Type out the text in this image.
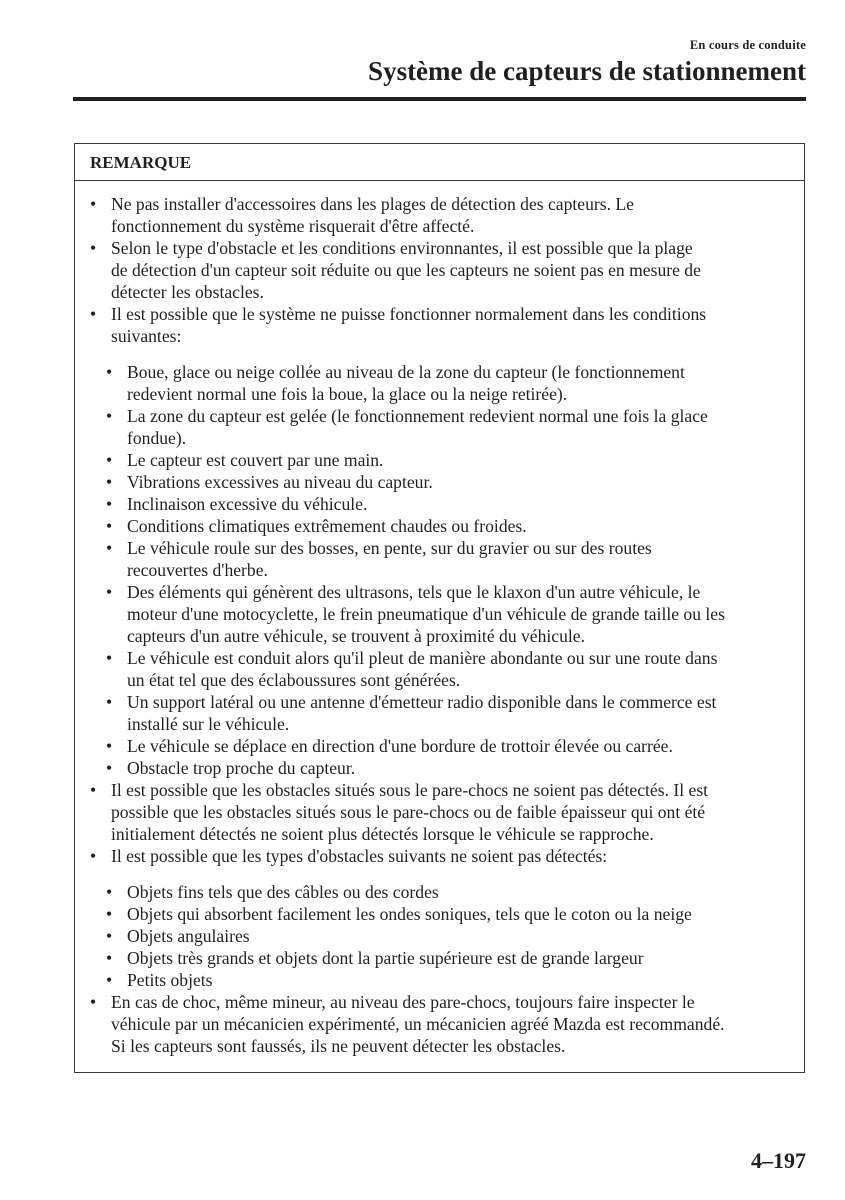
En cours de conduite
Système de capteurs de stationnement
REMARQUE
• Ne pas installer d'accessoires dans les plages de détection des capteurs. Le
fonctionnement du système risquerait d'être affecté.
• Selon le type d'obstacle et les conditions environnantes, il est possible que la plage
de détection d'un capteur soit réduite ou que les capteurs ne soient pas en mesure de
détecter les obstacles.
• Il est possible que le système ne puisse fonctionner normalement dans les conditions
suivantes:
• Boue, glace ou neige collée au niveau de la zone du capteur (le fonctionnement
redevient normal une fois la boue, la glace ou la neige retirée).
• La zone du capteur est gelée (le fonctionnement redevient normal une fois la glace
fondue).
• Le capteur est couvert par une main.
• Vibrations excessives au niveau du capteur.
• Inclinaison excessive du véhicule.
• Conditions climatiques extrêmement chaudes ou froides.
• Le véhicule roule sur des bosses, en pente, sur du gravier ou sur des routes
recouvertes d'herbe.
• Des éléments qui génèrent des ultrasons, tels que le klaxon d'un autre véhicule, le
moteur d'une motocyclette, le frein pneumatique d'un véhicule de grande taille ou les
capteurs d'un autre véhicule, se trouvent à proximité du véhicule.
• Le véhicule est conduit alors qu'il pleut de manière abondante ou sur une route dans
un état tel que des éclaboussures sont générées.
• Un support latéral ou une antenne d'émetteur radio disponible dans le commerce est
installé sur le véhicule.
• Le véhicule se déplace en direction d'une bordure de trottoir élevée ou carrée.
• Obstacle trop proche du capteur.
• Il est possible que les obstacles situés sous le pare-chocs ne soient pas détectés. Il est
possible que les obstacles situés sous le pare-chocs ou de faible épaisseur qui ont été
initialement détectés ne soient plus détectés lorsque le véhicule se rapproche.
• Il est possible que les types d'obstacles suivants ne soient pas détectés:
• Objets fins tels que des câbles ou des cordes
• Objets qui absorbent facilement les ondes soniques, tels que le coton ou la neige
• Objets angulaires
• Objets très grands et objets dont la partie supérieure est de grande largeur
• Petits objets
• En cas de choc, même mineur, au niveau des pare-chocs, toujours faire inspecter le
véhicule par un mécanicien expérimenté, un mécanicien agréé Mazda est recommandé.
Si les capteurs sont faussés, ils ne peuvent détecter les obstacles.
4–197
